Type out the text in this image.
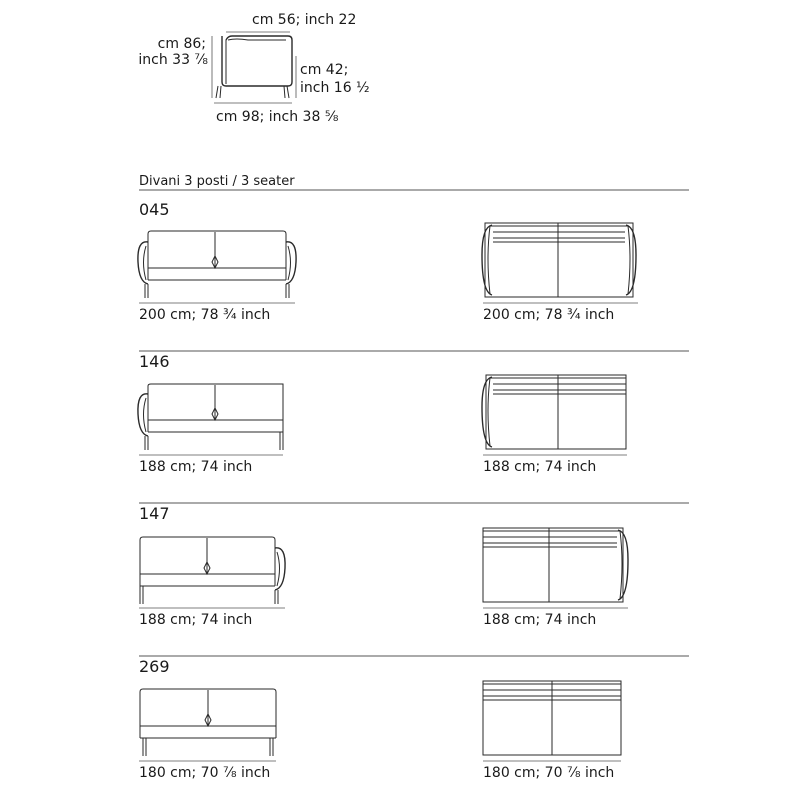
cm 56; inch 22
cm 86;
inch 33 ⅞
cm 42;
inch 16 ½
cm 98; inch 38 ⅝
Divani 3 posti / 3 seater
045
200 cm; 78 ¾ inch	200 cm; 78 ¾ inch
146
188 cm; 74 inch	188 cm; 74 inch
147
188 cm; 74 inch	188 cm; 74 inch
269
180 cm; 70 ⅞ inch	180 cm; 70 ⅞ inch
